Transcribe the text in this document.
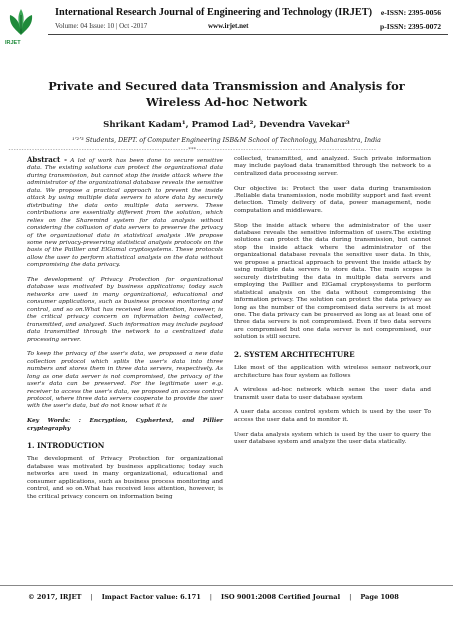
IRJET
International Research Journal of Engineering and Technology (IRJET)
Volume: 04 Issue: 10 | Oct -2017	www.irjet.net
e-ISSN: 2395-0056
p-ISSN: 2395-0072
Private and Secured data Transmission and Analysis for Wireless Ad-hoc Network
Shrikant Kadam¹, Pramod Lad², Devendra Vavekar³
¹ʼ²ʼ³ Students, DEPT. of Computer Engineering ISB&M School of Technology, Maharashtra, India
---------------------------------------------------------------------***---------------------------------------------------------------------

Abstract - A lot of work has been done to secure sensitive data. The existing solutions can protect the organizational data during transmission, but cannot stop the inside attack where the administrator of the organizational database reveals the sensitive data. We propose a practical approach to prevent the inside attack by using multiple data servers to store data by securely distributing the data onto multiple data servers. These contributions are essentially different from the solution, which relies on the Sharemind system for data analysis without considering the collusion of data servers to preserve the privacy of the organizational data in statistical analysis .We propose some new privacy-preserving statistical analysis protocols on the basis of the Paillier and ElGamal cryptosystems. These protocols allow the user to perform statistical analysis on the data without compromising the data privacy.

The development of Privacy Protection for organizational database was motivated by business applications; today such networks are used in many organizational, educational and consumer applications, such as business process monitoring and control, and so on.What has received less attention, however, is the critical privacy concern on information being collected, transmitted, and analyzed. Such information may include payload data transmitted through the network to a centralized data processing server.

To keep the privacy of the user's data, we proposed a new data collection protocol which splits the user's data into three numbers and stores them in three data servers, respectively. As long as one data server is not compromised, the privacy of the user's data can be preserved. For the legitimate user e.g. receiver to access the user's data, we proposed an access control protocol, where three data servers cooperate to provide the user with the user's data, but do not know what it is

Key Words: : Encryption, Cyphertext, and Pillier cryptography

1. INTRODUCTION

The development of Privacy Protection for organizational database was motivated by business applications; today such networks are used in many organizational, educational and consumer applications, such as business process monitoring and control, and so on.What has received less attention, however, is the critical privacy concern on information being

collected, transmitted, and analyzed. Such private information may include payload data transmitted through the network to a centralized data processing server.

Our objective is: Protect the user data during transmission .Reliable data transmission, node mobility support and fast event detection. Timely delivery of data, power management, node computation and middleware.

Stop the inside attack where the administrator of the user database reveals the sensitive information of users.The existing solutions can protect the data during transmission, but cannot stop the inside attack where the administrator of the organizational database reveals the sensitive user data. In this, we propose a practical approach to prevent the inside attack by using multiple data servers to store data. The main scopes is securely distributing the data in multiple data servers and employing the Paillier and ElGamal cryptosystems to perform statistical analysis on the data without compromising the information privacy. The solution can protect the data privacy as long as the number of the compromised data servers is at most one. The data privacy can be preserved as long as at least one of three data servers is not compromised. Even if two data servers are compromised but one data server is not compromised, our solution is still secure.

2. SYSTEM ARCHITECHTURE

Like most of the application with wireless sensor network,our architecture has four system as follows

A wireless ad-hoc network which sense the user data and transmit user data to user database system

A user data access control system which is used by the user To access the user data and to monitor it.

User data analysis system which is used by the user to query the user database system and analyze the user data statically.

© 2017, IRJET | Impact Factor value: 6.171 | ISO 9001:2008 Certified Journal | Page 1008
